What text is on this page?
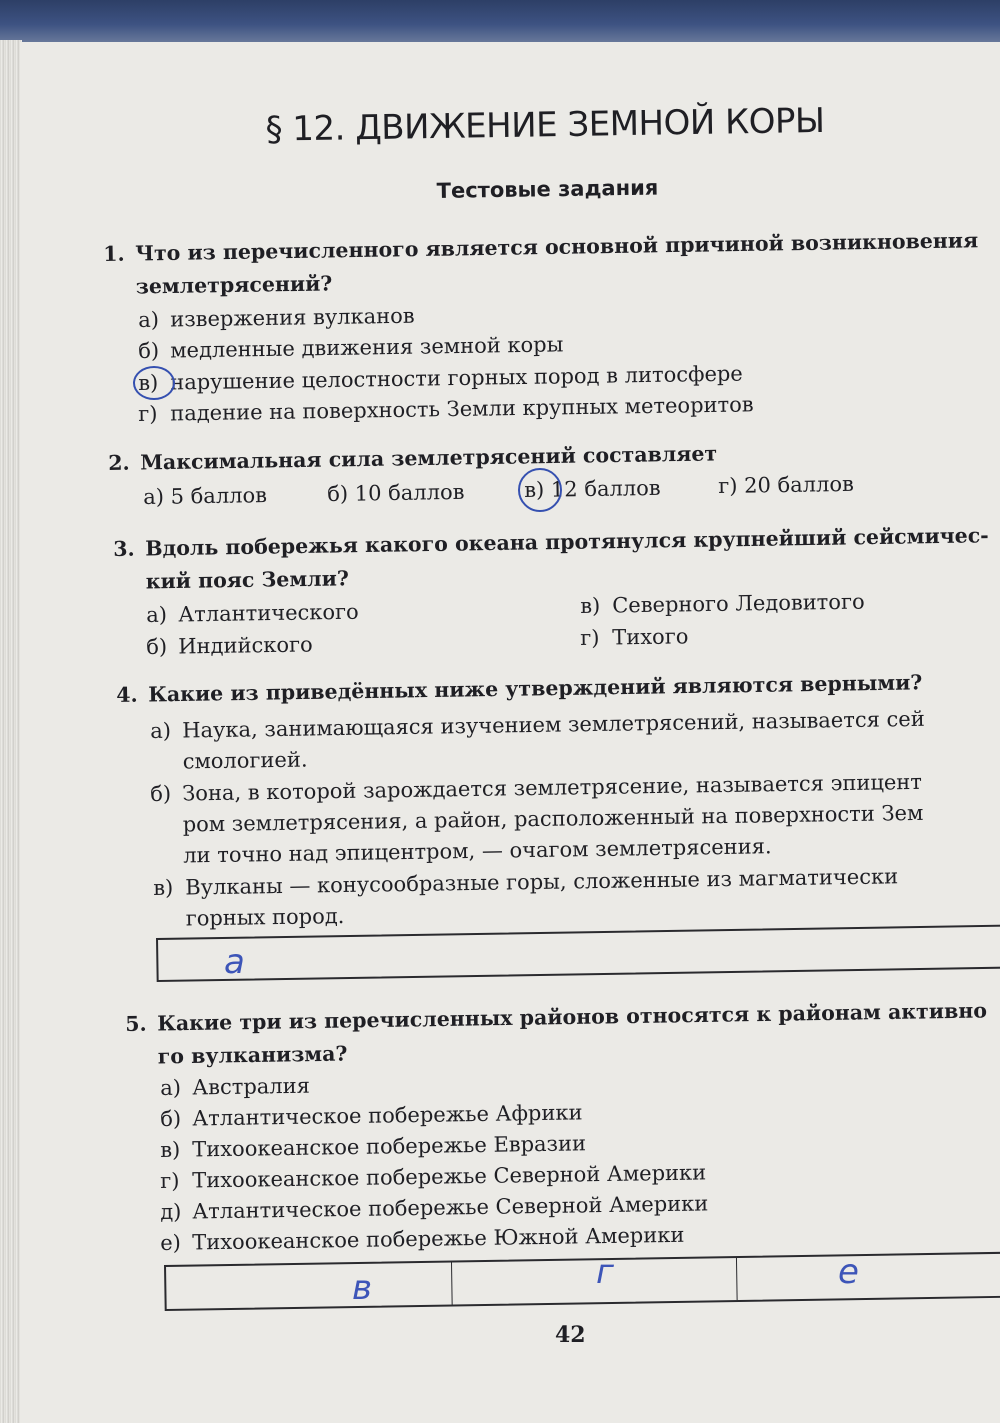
§ 12. ДВИЖЕНИЕ ЗЕМНОЙ КОРЫ
Тестовые задания
1. Что из перечисленного является основной причиной возникновения
землетрясений?
а) извержения вулканов
б) медленные движения земной коры
в) нарушение целостности горных пород в литосфере
г) падение на поверхность Земли крупных метеоритов
2. Максимальная сила землетрясений составляет
а) 5 баллов	б) 10 баллов	в) 12 баллов	г) 20 баллов
3. Вдоль побережья какого океана протянулся крупнейший сейсмичес-
кий пояс Земли?
а) Атлантического
б) Индийского
в) Северного Ледовитого
г) Тихого
4. Какие из приведённых ниже утверждений являются верными?
а) Наука, занимающаяся изучением землетрясений, называется сей
смологией.
б) Зона, в которой зарождается землетрясение, называется эпицент
ром землетрясения, а район, расположенный на поверхности Зем
ли точно над эпицентром, — очагом землетрясения.
в) Вулканы — конусообразные горы, сложенные из магматически
горных пород.
а
5. Какие три из перечисленных районов относятся к районам активно
го вулканизма?
а) Австралия
б) Атлантическое побережье Африки
в) Тихоокеанское побережье Евразии
г) Тихоокеанское побережье Северной Америки
д) Атлантическое побережье Северной Америки
е) Тихоокеанское побережье Южной Америки
в	г	е
42
